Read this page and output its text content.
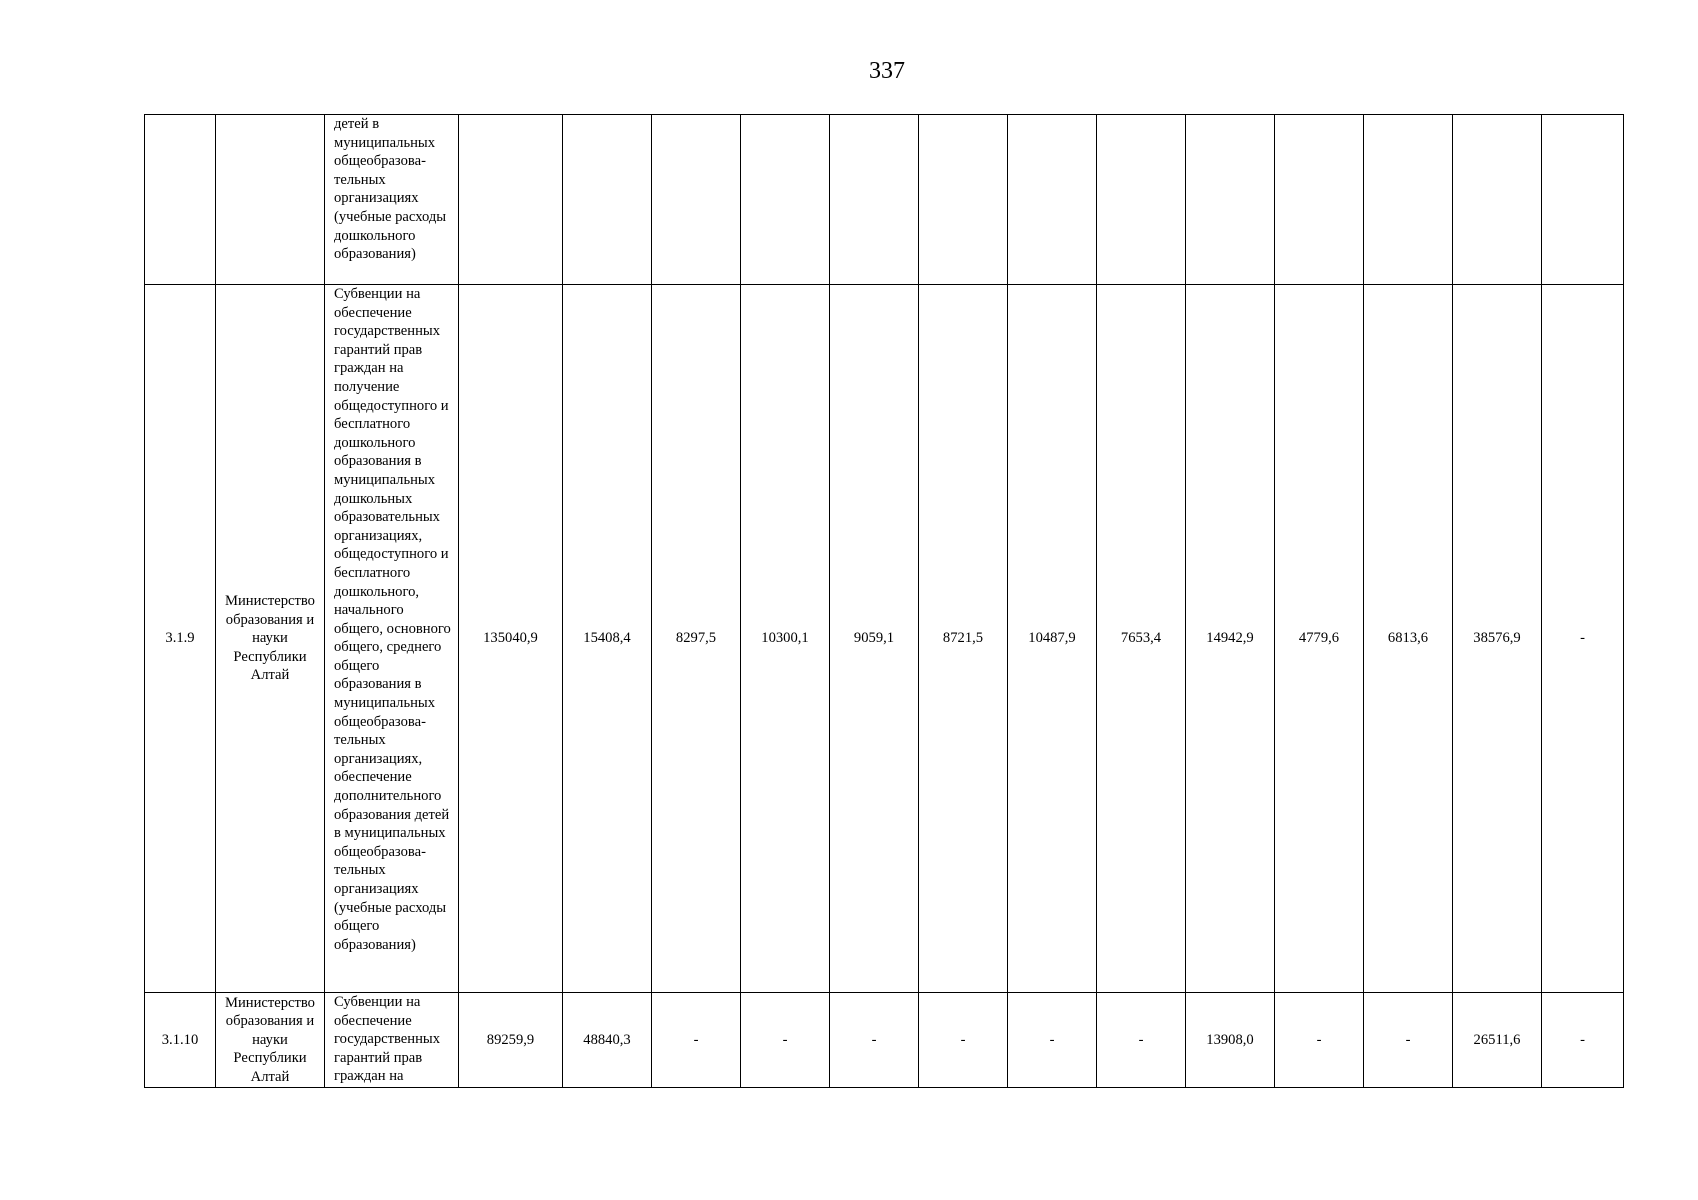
337
		детей в муниципальных общеобразова-тельных организациях (учебные расходы дошкольного образования)													
3.1.9	Министерство образования и науки Республики Алтай	Субвенции на обеспечение государственных гарантий прав граждан на получение общедоступного и бесплатного дошкольного образования в муниципальных дошкольных образовательных организациях, общедоступного и бесплатного дошкольного, начального общего, основного общего, среднего общего образования в муниципальных общеобразова-тельных организациях, обеспечение дополнительного образования детей в муниципальных общеобразова-тельных организациях (учебные расходы общего образования)	135040,9	15408,4	8297,5	10300,1	9059,1	8721,5	10487,9	7653,4	14942,9	4779,6	6813,6	38576,9	-
3.1.10	Министерство образования и науки Республики Алтай	Субвенции на обеспечение государственных гарантий прав граждан на	89259,9	48840,3	-	-	-	-	-	-	13908,0	-	-	26511,6	-
